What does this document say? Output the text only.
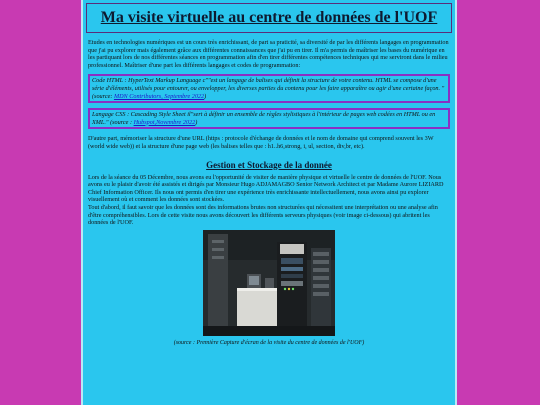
Ma visite virtuelle au centre de données de l'UOF

Etudes en technologies numériques est un cours très enrichissant, de part sa praticité, sa diversité de par les différents langages en programmation que j'ai pu explorer mais également grâce aux différentes connaissances que j'ai pu en tirer. Il m'a permis de maîtriser les bases du numérique en les partiquant lors de nos différentes séances en programmation afin d'en tirer différentes compétences techniques qui me serviront dans le milieu professionnel. Maîtriser d'une part les différents langages et codes de programmation:

Code HTML : HyperText Markup Language c""est un langage de balises qui définit la structure de votre contenu. HTML se compose d'une série d'éléments, utilisés pour entourer, ou envelopper, les diverses parties du contenu pour les faire apparaître ou agir d'une certaine façon. " (source: MDN Contributors, Septembre 2022)
Langage CSS : Cascading Style Sheet il"sert à définir un ensemble de règles stylistiques à l'intérieur de pages web codées en HTML ou en XML." (source : Hubspot,Novembre 2022)

D'autre part, mémoriser la structure d'une URL (https : protocole d'échange de données et le nom de domaine qui comprend souvent les 3W (world wide web)) et la structure d'une page web (les balises telles que : h1..h6,strong, i, ul, section, div,br, etc).

Gestion et Stockage de la donnée

Lors de la séance du 05 Décembre, nous avons eu l'opportunité de visiter de manière physique et virtuelle le centre de données de l'UOF. Nous avons eu le plaisir d'avoir été assistés et dirigés par Monsieur Hugo ADJAMAGBO Senior Network Architect et par Madame Aurore LIZIARD Chief Information Officer. Ils nous ont permis d'en tirer une expérience très enrichissante intellectuellement, nous avons ainsi pu explorer visuellement où et comment les données sont stockées.

Tout d'abord, il faut savoir que les données sont des informations brutes non structurées qui nécessitent une interprétation ou une analyse afin d'être compréhensibles. Lors de cette visite nous avons découvert les différents serveurs physiques (voir image ci-dessous) qui abritent les données de l'UOF.

(source : Première Capture d'écran de la visite du centre de données de l'UOF)
